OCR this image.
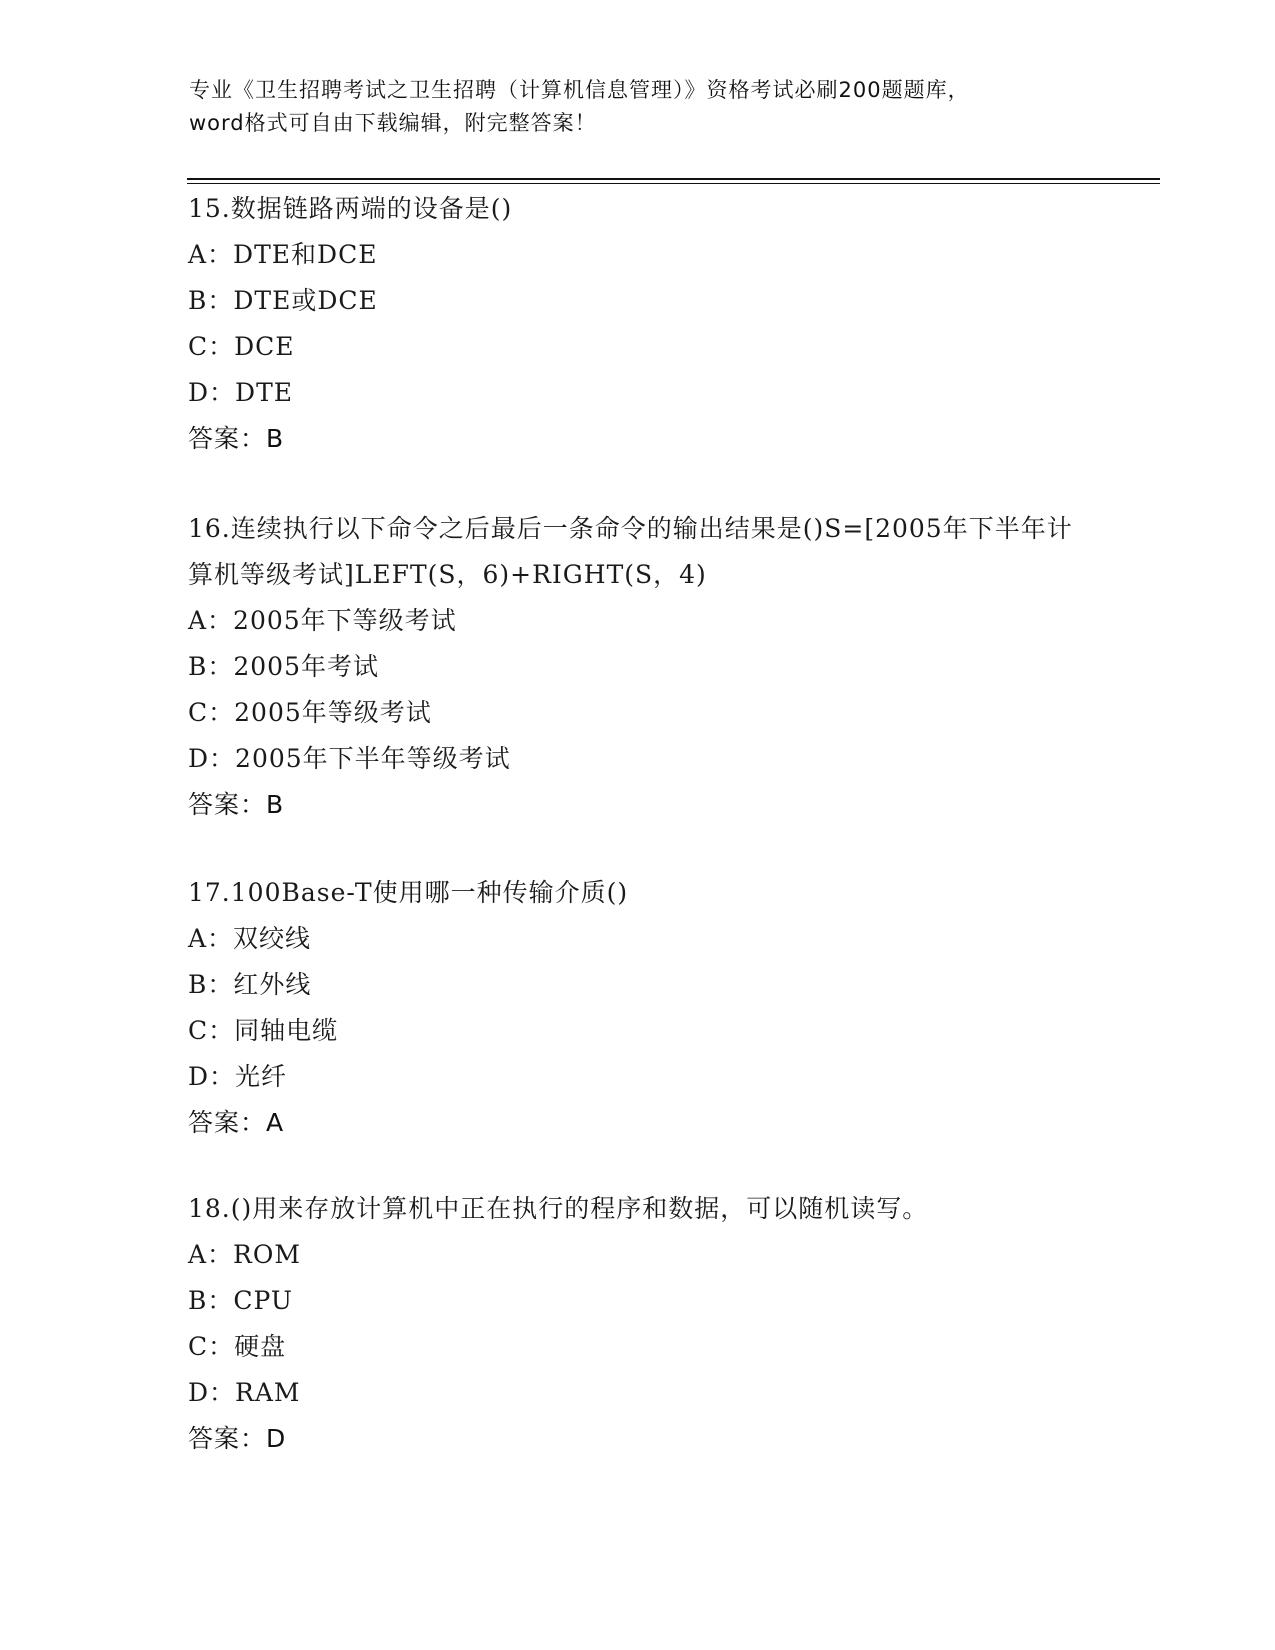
专业《卫生招聘考试之卫生招聘（计算机信息管理）》资格考试必刷200题题库，
word格式可自由下载编辑，附完整答案！
15.数据链路两端的设备是()
A：DTE和DCE
B：DTE或DCE
C：DCE
D：DTE
答案：B
16.连续执行以下命令之后最后一条命令的输出结果是()S=[2005年下半年计算机等级考试]LEFT(S，6)+RIGHT(S，4)
A：2005年下等级考试
B：2005年考试
C：2005年等级考试
D：2005年下半年等级考试
答案：B
17.100Base-T使用哪一种传输介质()
A：双绞线
B：红外线
C：同轴电缆
D：光纤
答案：A
18.()用来存放计算机中正在执行的程序和数据，可以随机读写。
A：ROM
B：CPU
C：硬盘
D：RAM
答案：D
